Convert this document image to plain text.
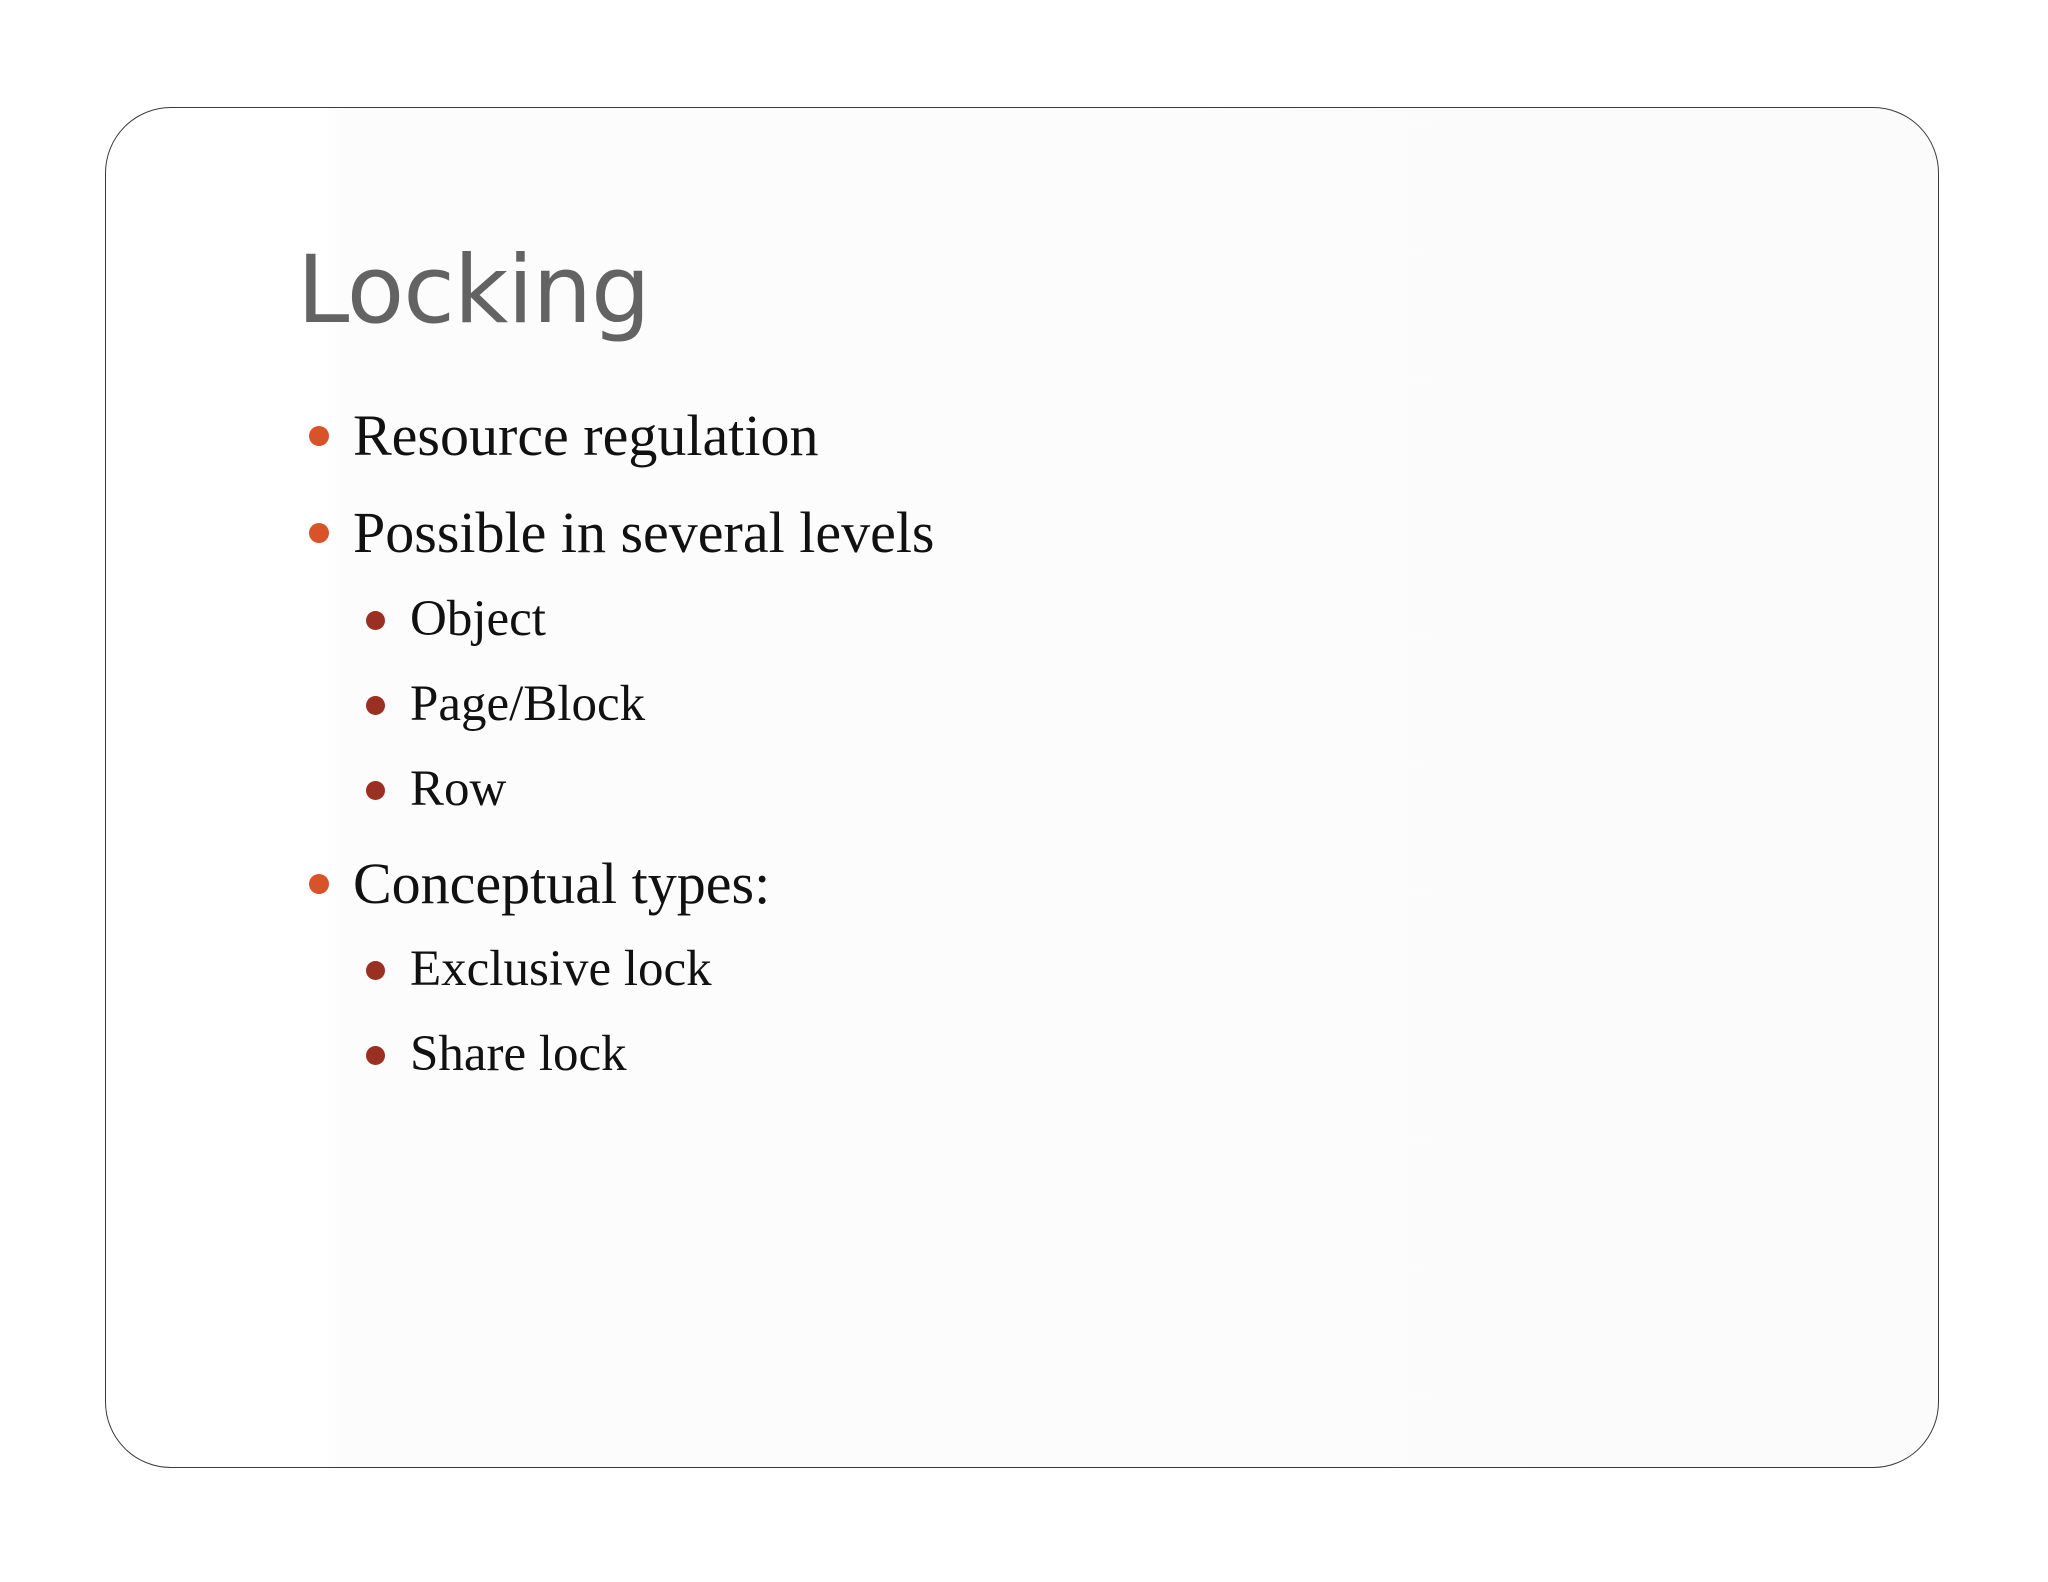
Locking
Resource regulation
Possible in several levels
Object
Page/Block
Row
Conceptual types:
Exclusive lock
Share lock
